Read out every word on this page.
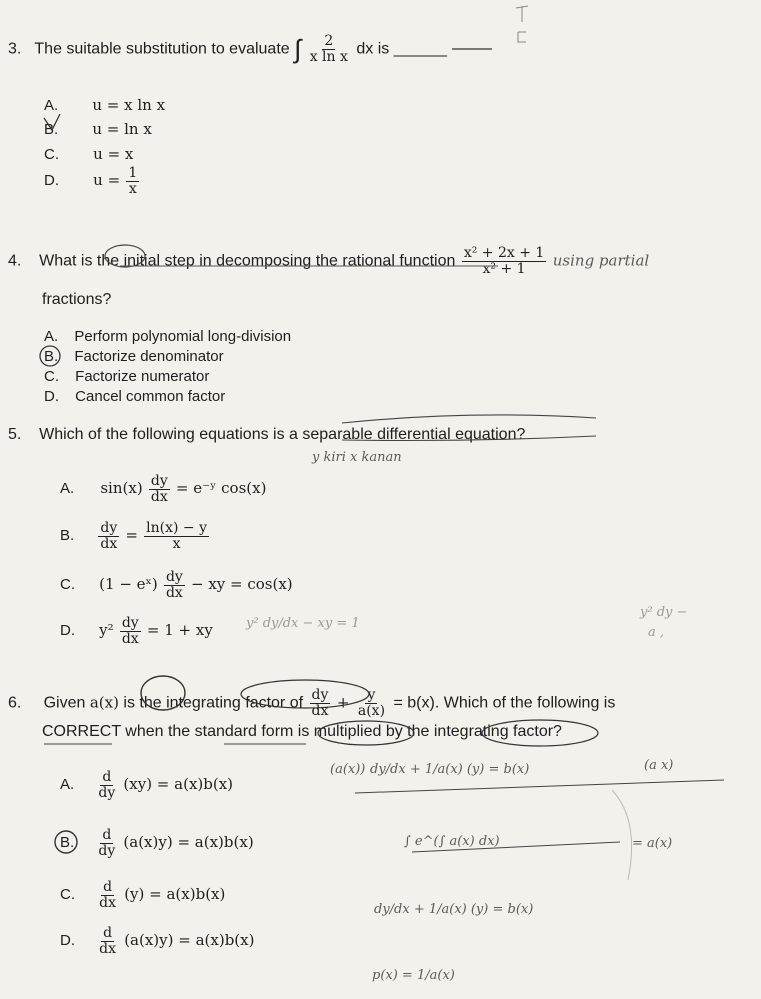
3. The suitable substitution to evaluate ∫ $\frac{2}{\text{x ln x}}$ dx is ______
A. u = x ln x
B. u = ln x
C. u = x
D. $u = \frac{1}{x}$
4. What is the initial step in decomposing the rational function $\frac{\text{x² + 2x + 1}}{\text{x² + 1}}$ using partial
fractions?
A. Perform polynomial long-division
B. Factorize denominator
C. Factorize numerator
D. Cancel common factor
5. Which of the following equations is a separable differential equation?
y kiri x kanan
A. $\sin(x) \frac{dy}{dx}$ = e⁻ʸ cos(x)
B. $\frac{dy}{dx} = \frac{\ln(x) - y}{x}$
C. (1 − eˣ) $\frac{dy}{dx}$ − xy = cos(x)
D. $y^2 \frac{dy}{dx} = 1$ + xy	y² dy/dx − xy = 1
y² dy −
a ,
6. Given a(x) is the integrating factor of $\frac{dy}{dx} + \frac{y}{a(x)} = b(x)$. Which of the following is
CORRECT when the standard form is multiplied by the integrating factor?
A. $\frac{d}{dy} (xy) = a(x)b(x)$
B. $\frac{d}{dy} (a(x)y) = a(x)b(x)$
C. $\frac{d}{dx} (y) = a(x)b(x)$
D. $\frac{d}{dx} (a(x)y) = a(x)b(x)$
(a(x)) dy/dx + 1/a(x) (y) = b(x)	(a x)
∫ e^(∫ a(x) dx)	= a(x)
dy/dx + 1/a(x) (y) = b(x)
p(x) = 1/a(x)
